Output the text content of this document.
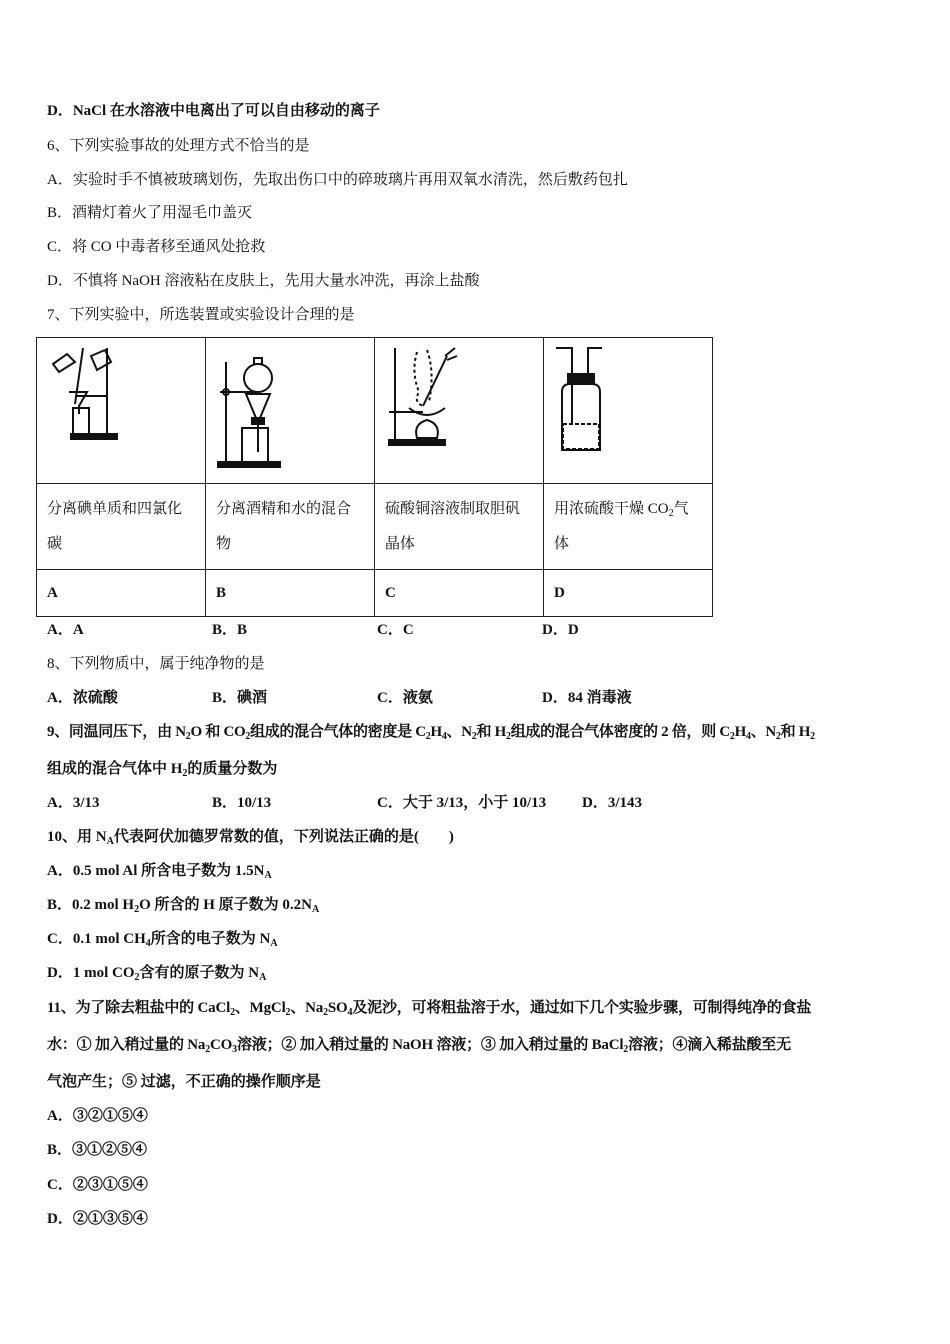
D．NaCl 在水溶液中电离出了可以自由移动的离子
6、下列实验事故的处理方式不恰当的是
A．实验时手不慎被玻璃划伤，先取出伤口中的碎玻璃片再用双氧水清洗，然后敷药包扎
B．酒精灯着火了用湿毛巾盖灭
C．将 CO 中毒者移至通风处抢救
D．不慎将 NaOH 溶液粘在皮肤上，先用大量水冲洗，再涂上盐酸
7、下列实验中，所选装置或实验设计合理的是

分离碘单质和四氯化碳	分离酒精和水的混合物	硫酸铜溶液制取胆矾晶体	用浓硫酸干燥 $CO_2$气体
A	B	C	D
A．A	B．B	C．C	D．D
8、下列物质中，属于纯净物的是
A．浓硫酸	B．碘酒	C．液氨	D．84 消毒液
9、同温同压下，由 $N_2O$ 和 $CO_2$组成的混合气体的密度是 $C_2H_4$、$N_2$和 $H_2$组成的混合气体密度的 2 倍，则 $C_2H_4$、$N_2$和 $H_2$
组成的混合气体中 $H_2$的质量分数为
A．3/13	B．10/13	C．大于 3/13，小于 10/13 D．3/143
10、用 $N_A$代表阿伏加德罗常数的值，下列说法正确的是(　　)
A．0.5 mol Al 所含电子数为 $1.5N_A$
B．0.2 mol $H_2O$ 所含的 H 原子数为 $0.2N_A$
C．0.1 mol $CH_4$所含的电子数为 $N_A$
D．1 mol $CO_2$含有的原子数为 $N_A$
11、为了除去粗盐中的 CaCl$_2$、MgCl$_2$、$Na_2SO_4$及泥沙，可将粗盐溶于水，通过如下几个实验步骤，可制得纯净的食盐
水：① 加入稍过量的 $Na_2CO_3$溶液；② 加入稍过量的 NaOH 溶液；③ 加入稍过量的 BaCl$_2$溶液；④滴入稀盐酸至无
气泡产生；⑤ 过滤，不正确的操作顺序是
A．③②①⑤④
B．③①②⑤④
C．②③①⑤④
D．②①③⑤④
